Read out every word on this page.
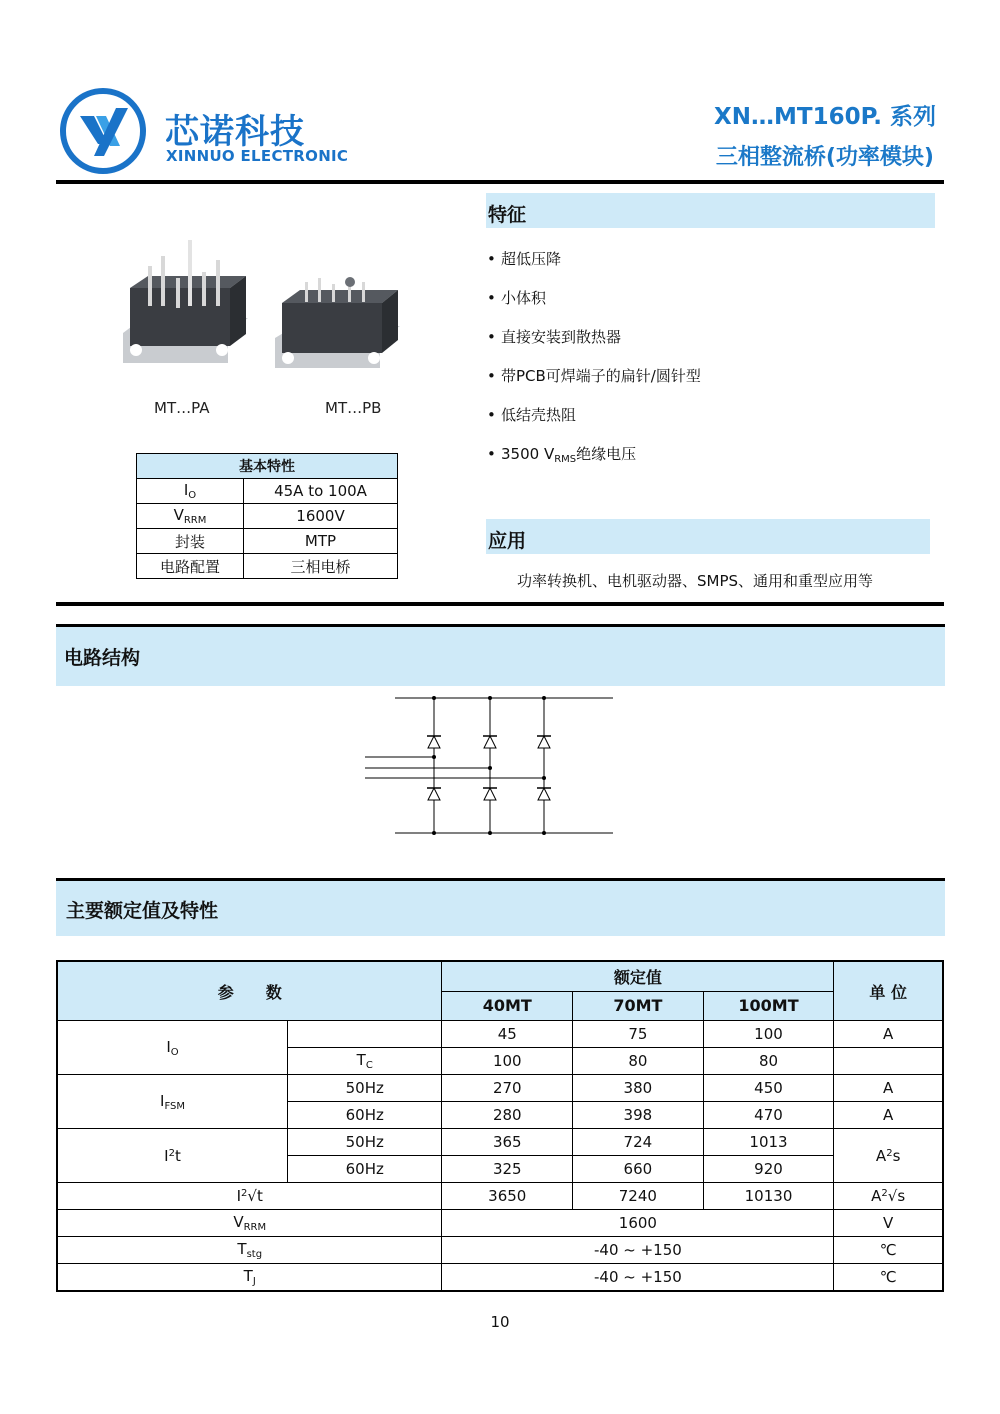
芯诺科技
XINNUO ELECTRONIC
XN…MT160P. 系列
三相整流桥(功率模块)
MT…PA	MT…PB
基本特性	
$I_O$	45A to 100A
$V_{RRM}$	1600V
封装	MTP
电路配置	三相电桥
特征
• 超低压降
• 小体积
• 直接安装到散热器
• 带PCB可焊端子的扁针/圆针型
• 低结壳热阻
• 3500 $V_{RMS}$绝缘电压
应用
功率转换机、电机驱动器、SMPS、通用和重型应用等
电路结构
主要额定值及特性
参　　数		额定值			单 位
		40MT	70MT	100MT	
$I_O$		45	75	100	A
	$T_C$	100	80	80	
$I_{FSM}$	50Hz	270	380	450	A
	60Hz	280	398	470	A
$I^2t$	50Hz	365	724	1013	$A^2s$
	60Hz	325	660	920	
$I^2√t$		3650	7240	10130	$A^2√s$
$V_{RRM}$		1600			V
$T_{stg}$		-40 ~ +150			℃
$T_J$		-40 ~ +150			℃
10
